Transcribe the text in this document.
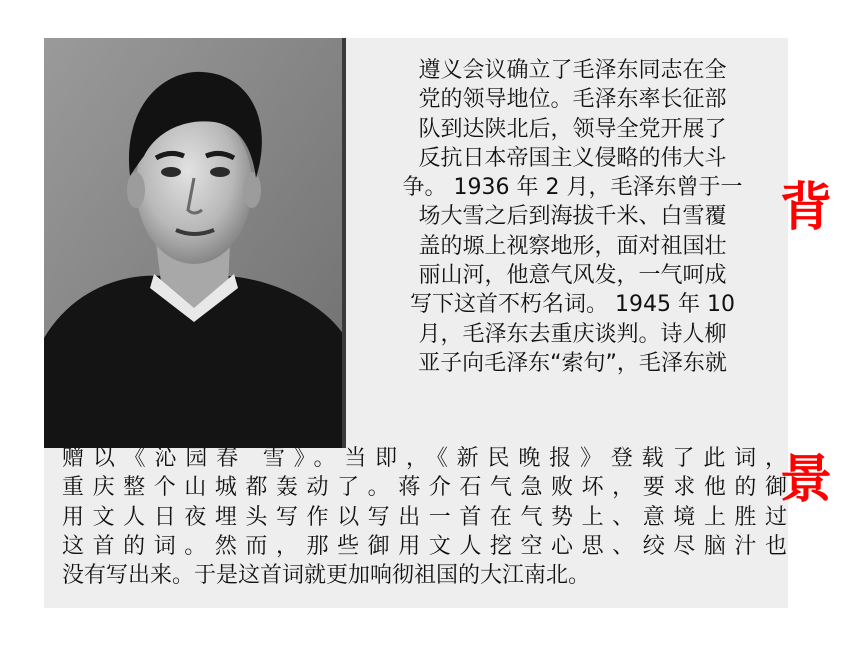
遵义会议确立了毛泽东同志在全
党的领导地位。毛泽东率长征部
队到达陕北后，领导全党开展了
反抗日本帝国主义侵略的伟大斗
争。 1936 年 2 月，毛泽东曾于一
场大雪之后到海拔千米、白雪覆
盖的塬上视察地形，面对祖国壮
丽山河，他意气风发，一气呵成
写下这首不朽名词。 1945 年 10
月，毛泽东去重庆谈判。诗人柳
亚子向毛泽东“索句”，毛泽东就
赠以《沁园春 雪》。当即，《新民晚报》登载了此词，
重庆整个山城都轰动了。蒋介石气急败坏，要求他的御
用文人日夜埋头写作以写出一首在气势上、意境上胜过
这首的词。然而，那些御用文人挖空心思、绞尽脑汁也
没有写出来。于是这首词就更加响彻祖国的大江南北。
背
景
